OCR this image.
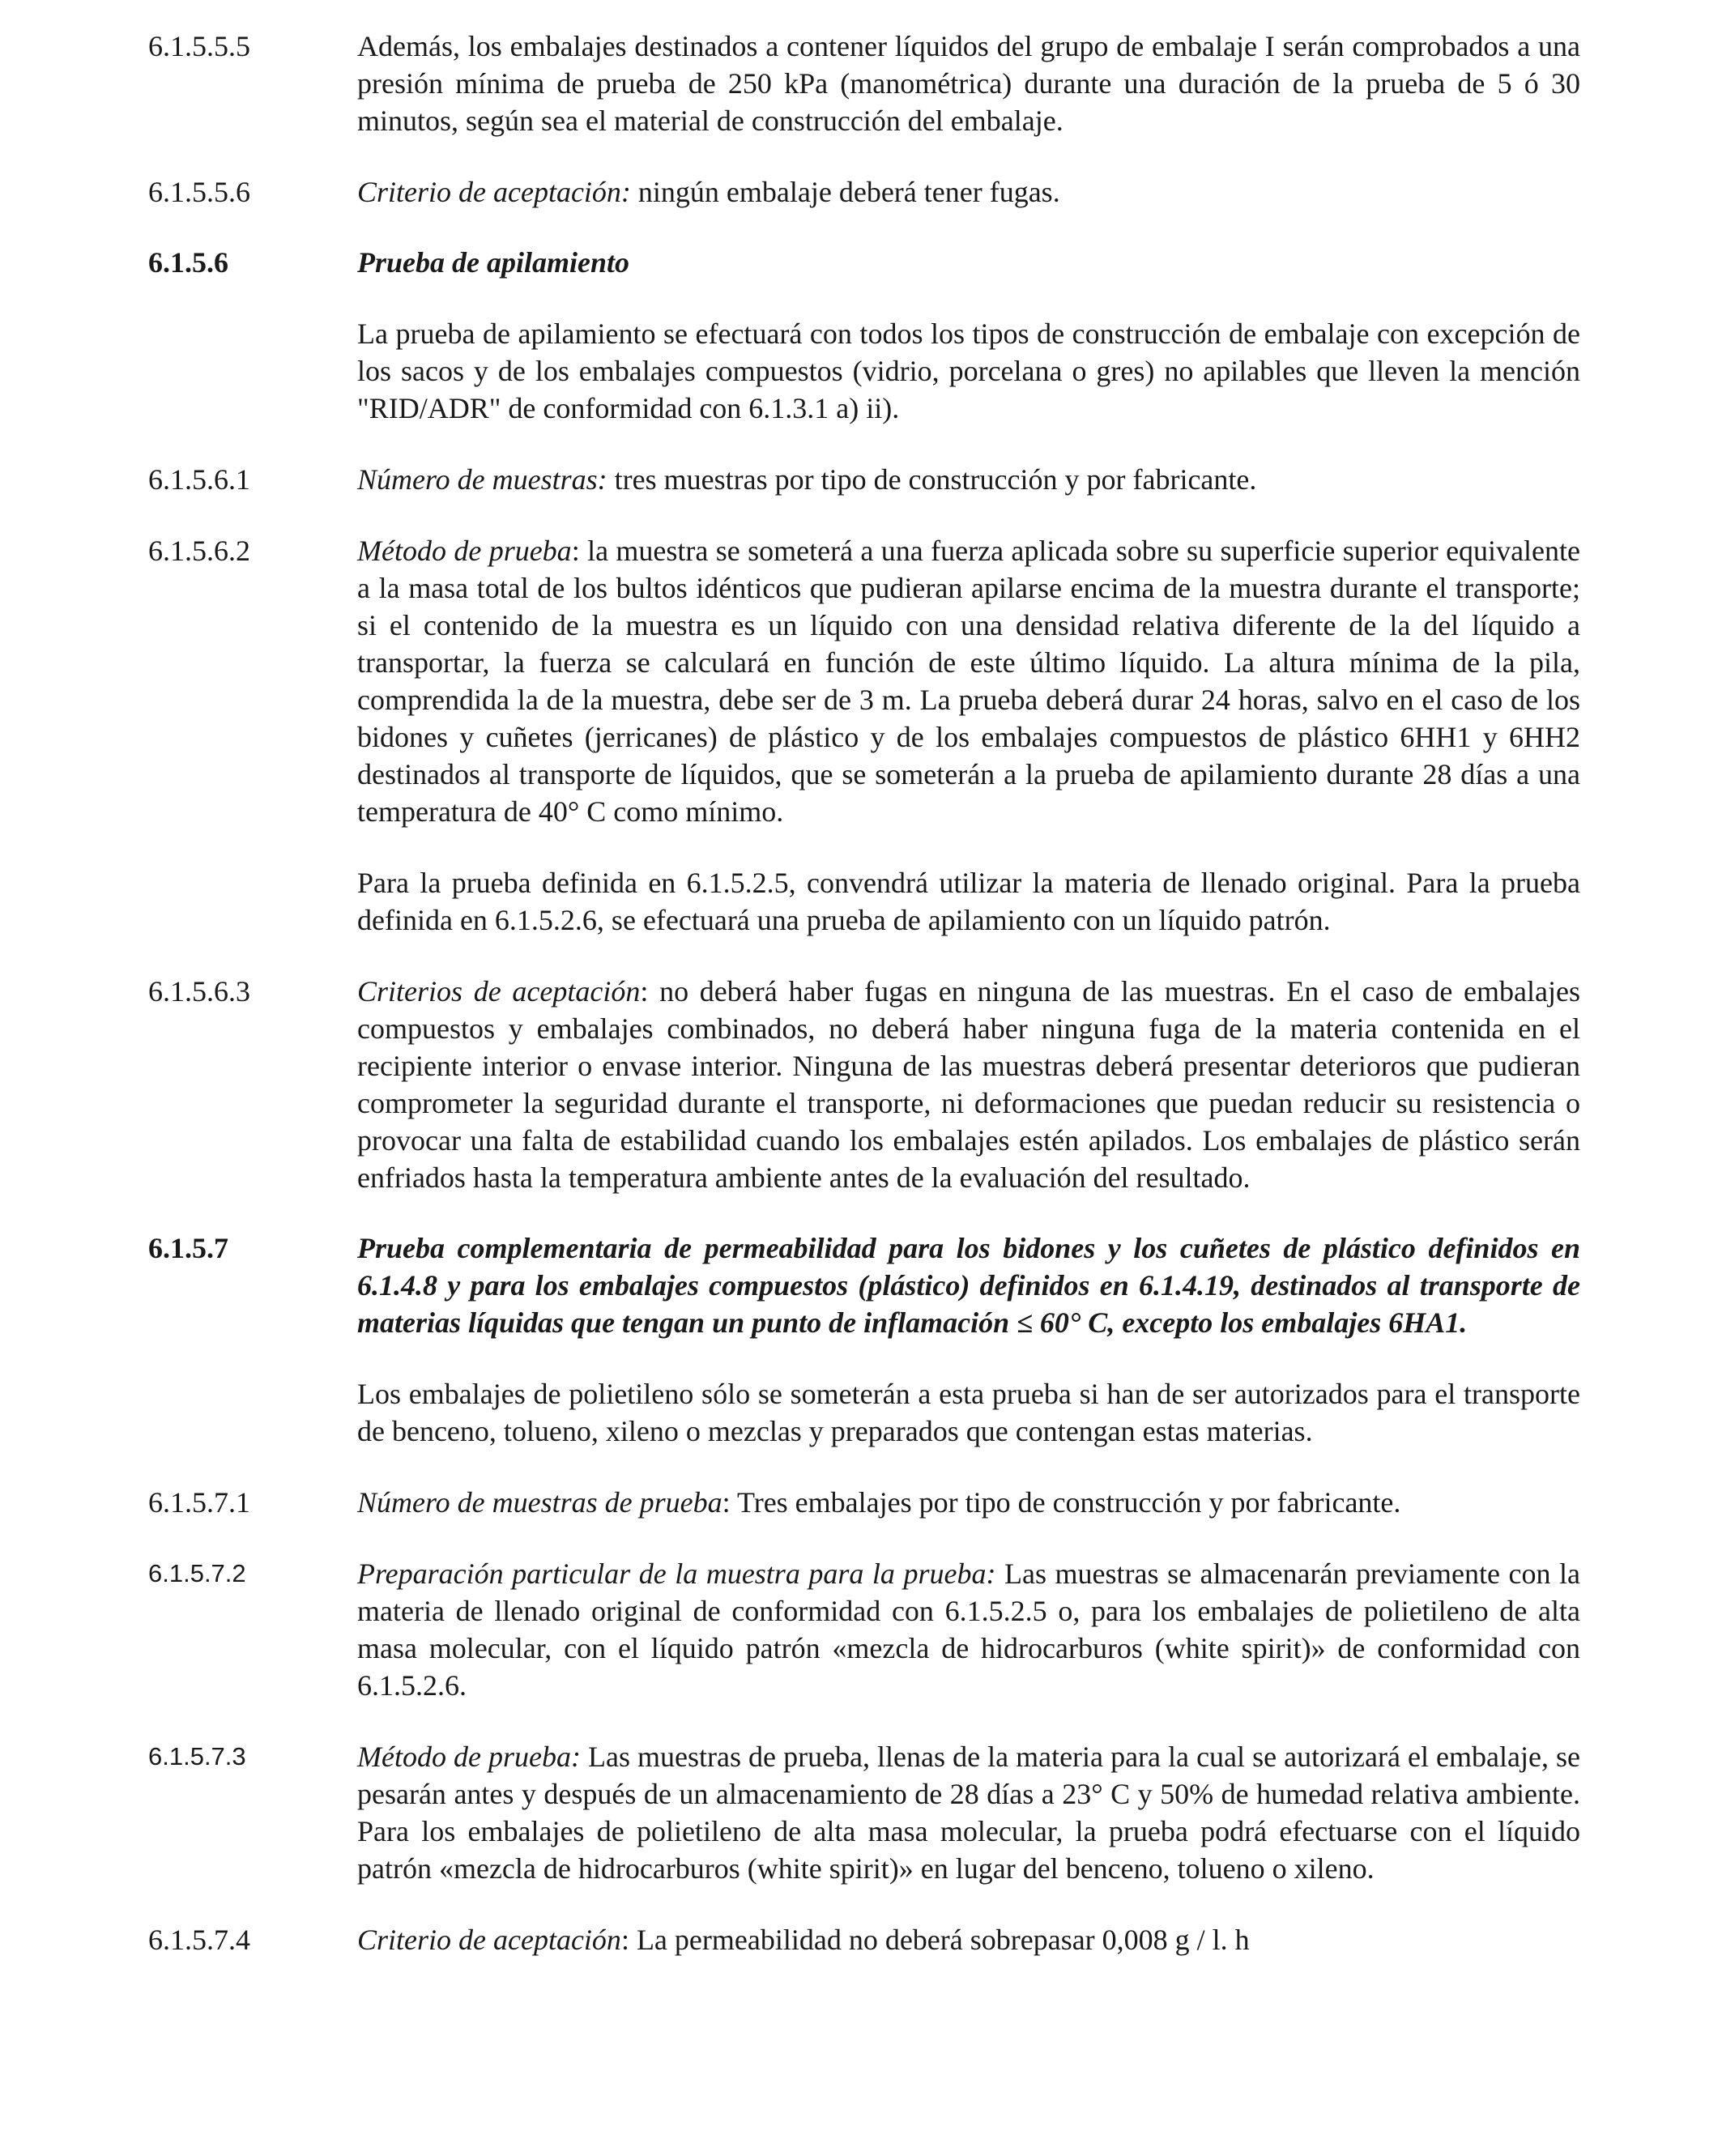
6.1.5.5.5	Además, los embalajes destinados a contener líquidos del grupo de embalaje I serán comprobados a una presión mínima de prueba de 250 kPa (manométrica) durante una duración de la prueba de 5 ó 30 minutos, según sea el material de construcción del embalaje.

6.1.5.5.6	Criterio de aceptación: ningún embalaje deberá tener fugas.

6.1.5.6	Prueba de apilamiento

La prueba de apilamiento se efectuará con todos los tipos de construcción de embalaje con excepción de los sacos y de los embalajes compuestos (vidrio, porcelana o gres) no apilables que lleven la mención "RID/ADR" de conformidad con 6.1.3.1 a) ii).

6.1.5.6.1	Número de muestras: tres muestras por tipo de construcción y por fabricante.

6.1.5.6.2	Método de prueba: la muestra se someterá a una fuerza aplicada sobre su superficie superior equivalente a la masa total de los bultos idénticos que pudieran apilarse encima de la muestra durante el transporte; si el contenido de la muestra es un líquido con una densidad relativa diferente de la del líquido a transportar, la fuerza se calculará en función de este último líquido. La altura mínima de la pila, comprendida la de la muestra, debe ser de 3 m. La prueba deberá durar 24 horas, salvo en el caso de los bidones y cuñetes (jerricanes) de plástico y de los embalajes compuestos de plástico 6HH1 y 6HH2 destinados al transporte de líquidos, que se someterán a la prueba de apilamiento durante 28 días a una temperatura de 40° C como mínimo.

Para la prueba definida en 6.1.5.2.5, convendrá utilizar la materia de llenado original. Para la prueba definida en 6.1.5.2.6, se efectuará una prueba de apilamiento con un líquido patrón.

6.1.5.6.3	Criterios de aceptación: no deberá haber fugas en ninguna de las muestras. En el caso de embalajes compuestos y embalajes combinados, no deberá haber ninguna fuga de la materia contenida en el recipiente interior o envase interior. Ninguna de las muestras deberá presentar deterioros que pudieran comprometer la seguridad durante el transporte, ni deformaciones que puedan reducir su resistencia o provocar una falta de estabilidad cuando los embalajes estén apilados. Los embalajes de plástico serán enfriados hasta la temperatura ambiente antes de la evaluación del resultado.

6.1.5.7	Prueba complementaria de permeabilidad para los bidones y los cuñetes de plástico definidos en 6.1.4.8 y para los embalajes compuestos (plástico) definidos en 6.1.4.19, destinados al transporte de materias líquidas que tengan un punto de inflamación ≤ 60° C, excepto los embalajes 6HA1.

Los embalajes de polietileno sólo se someterán a esta prueba si han de ser autorizados para el transporte de benceno, tolueno, xileno o mezclas y preparados que contengan estas materias.

6.1.5.7.1	Número de muestras de prueba: Tres embalajes por tipo de construcción y por fabricante.

6.1.5.7.2	Preparación particular de la muestra para la prueba: Las muestras se almacenarán previamente con la materia de llenado original de conformidad con 6.1.5.2.5 o, para los embalajes de polietileno de alta masa molecular, con el líquido patrón «mezcla de hidrocarburos (white spirit)» de conformidad con 6.1.5.2.6.

6.1.5.7.3	Método de prueba: Las muestras de prueba, llenas de la materia para la cual se autorizará el embalaje, se pesarán antes y después de un almacenamiento de 28 días a 23° C y 50% de humedad relativa ambiente. Para los embalajes de polietileno de alta masa molecular, la prueba podrá efectuarse con el líquido patrón «mezcla de hidrocarburos (white spirit)» en lugar del benceno, tolueno o xileno.

6.1.5.7.4	Criterio de aceptación: La permeabilidad no deberá sobrepasar 0,008 g / l. h
